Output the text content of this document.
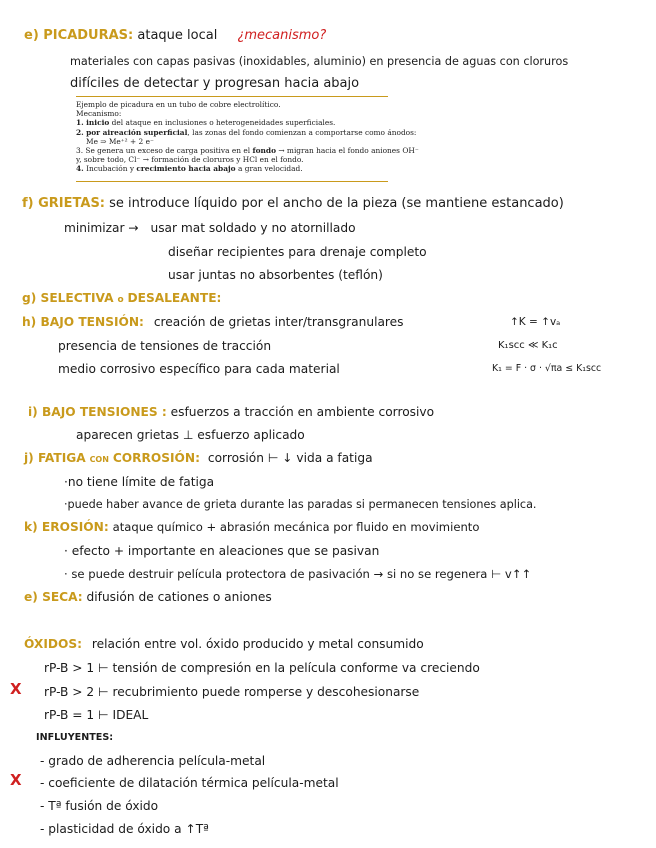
e) PICADURAS: ataque local ¿mecanismo?
materiales con capas pasivas (inoxidables, aluminio) en presencia de aguas con cloruros
difíciles de detectar y progresan hacia abajo
Ejemplo de picadura en un tubo de cobre electrolítico.
Mecanismo:
1. inicio del ataque en inclusiones o heterogeneidades superficiales.
2. por aireación superficial, las zonas del fondo comienzan a comportarse como ánodos:
Me ⇒ Me⁺² + 2 e⁻
3. Se genera un exceso de carga positiva en el fondo → migran hacia el fondo aniones OH⁻
y, sobre todo, Cl⁻ → formación de cloruros y HCl en el fondo.
4. Incubación y crecimiento hacia abajo a gran velocidad.
f) GRIETAS: se introduce líquido por el ancho de la pieza (se mantiene estancado)
minimizar → usar mat soldado y no atornillado
diseñar recipientes para drenaje completo
usar juntas no absorbentes (teflón)
g) SELECTIVA o DESALEANTE:
h) BAJO TENSIÓN: creación de grietas inter/transgranulares	↑K = ↑vₐ
presencia de tensiones de tracción	K₁scc ≪ K₁c
medio corrosivo específico para cada material	K₁ = F · σ · √πa ≤ K₁scc
i) BAJO TENSIONES : esfuerzos a tracción en ambiente corrosivo
aparecen grietas ⊥ esfuerzo aplicado
j) FATIGA CON CORROSIÓN: corrosión ⊢ ↓ vida a fatiga
·no tiene límite de fatiga
·puede haber avance de grieta durante las paradas si permanecen tensiones aplica.
k) EROSIÓN: ataque químico + abrasión mecánica por fluido en movimiento
· efecto + importante en aleaciones que se pasivan
· se puede destruir película protectora de pasivación → si no se regenera ⊢ v↑↑
e) SECA: difusión de cationes o aniones
ÓXIDOS: relación entre vol. óxido producido y metal consumido
rP-B > 1 ⊢ tensión de compresión en la película conforme va creciendo
X rP-B > 2 ⊢ recubrimiento puede romperse y descohesionarse
rP-B = 1 ⊢ IDEAL
INFLUYENTES:
- grado de adherencia película-metal
X - coeficiente de dilatación térmica película-metal
- Tª fusión de óxido
- plasticidad de óxido a ↑Tª
